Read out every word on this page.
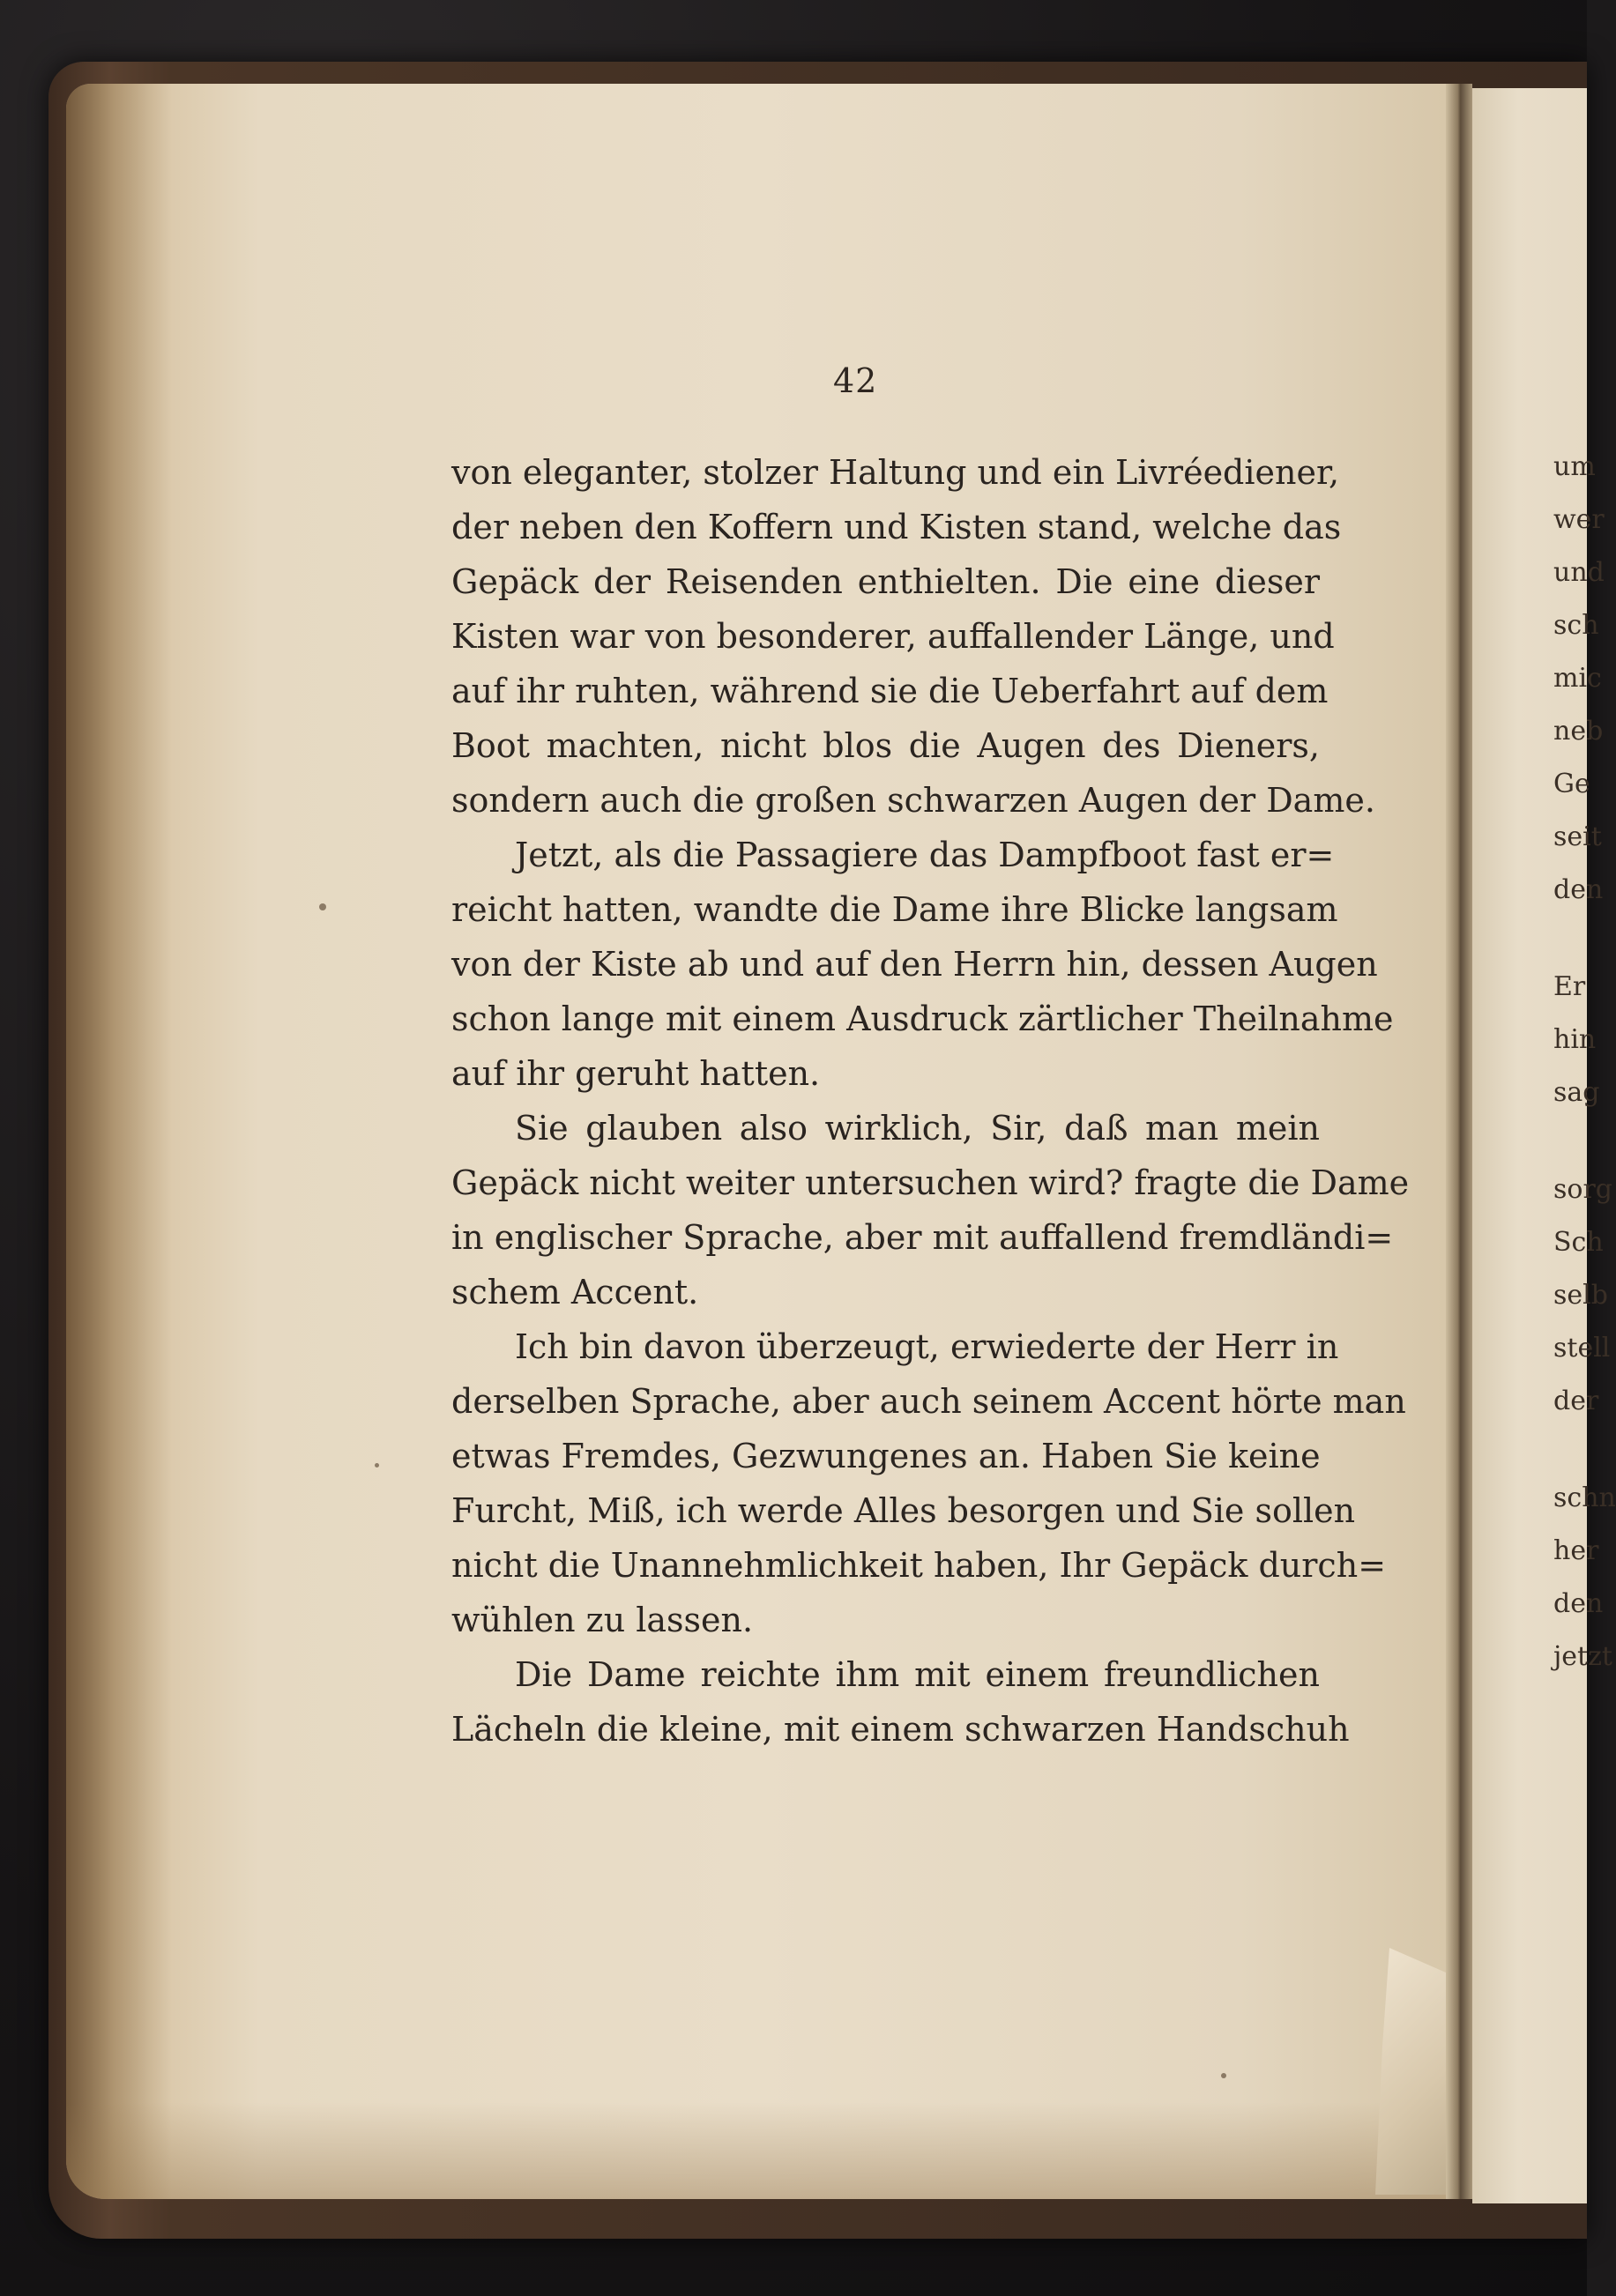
42
von eleganter, stolzer Haltung und ein Livréediener,
der neben den Koffern und Kisten stand, welche das
Gepäck der Reisenden enthielten. Die eine dieser
Kisten war von besonderer, auffallender Länge, und
auf ihr ruhten, während sie die Ueberfahrt auf dem
Boot machten, nicht blos die Augen des Dieners,
sondern auch die großen schwarzen Augen der Dame.
Jetzt, als die Passagiere das Dampfboot fast er=
reicht hatten, wandte die Dame ihre Blicke langsam
von der Kiste ab und auf den Herrn hin, dessen Augen
schon lange mit einem Ausdruck zärtlicher Theilnahme
auf ihr geruht hatten.
Sie glauben also wirklich, Sir, daß man mein
Gepäck nicht weiter untersuchen wird? fragte die Dame
in englischer Sprache, aber mit auffallend fremdländi=
schem Accent.
Ich bin davon überzeugt, erwiederte der Herr in
derselben Sprache, aber auch seinem Accent hörte man
etwas Fremdes, Gezwungenes an. Haben Sie keine
Furcht, Miß, ich werde Alles besorgen und Sie sollen
nicht die Unannehmlichkeit haben, Ihr Gepäck durch=
wühlen zu lassen.
Die Dame reichte ihm mit einem freundlichen
Lächeln die kleine, mit einem schwarzen Handschuh
um
wer
und
sch
mic
neb
Ge
seit
den
Er
hin
sag
sorg
Sch
selb
stell
der
schn
her
den
jetzt
